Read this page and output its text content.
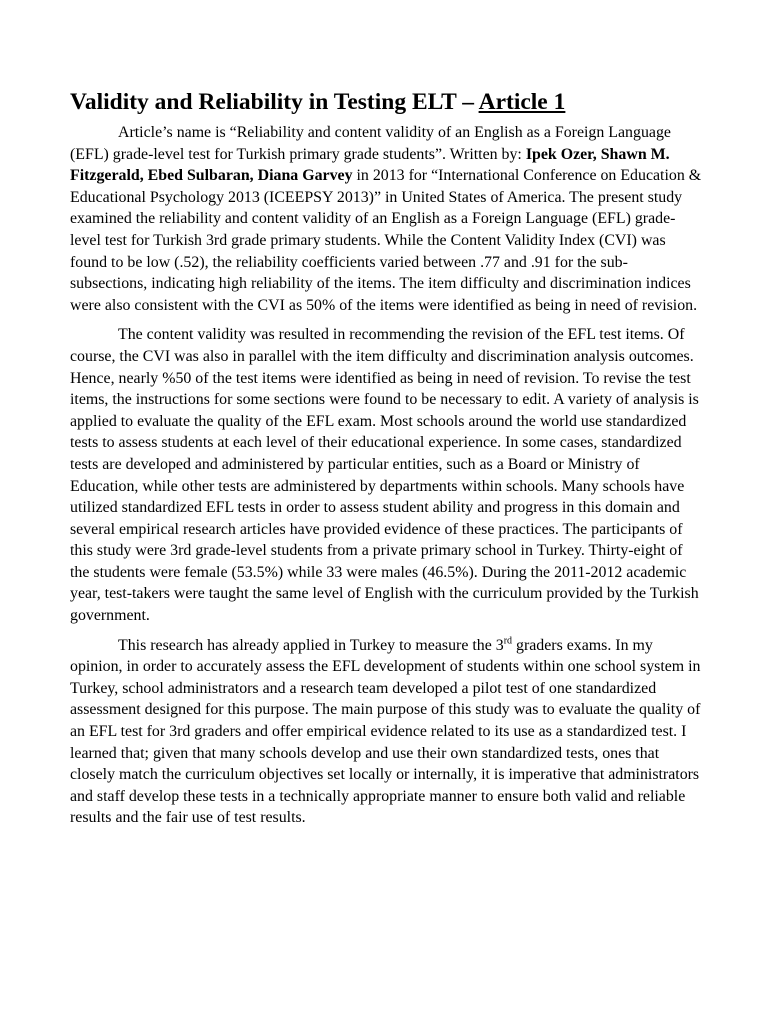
Validity and Reliability in Testing ELT – Article 1

Article’s name is “Reliability and content validity of an English as a Foreign Language (EFL) grade-level test for Turkish primary grade students”. Written by: Ipek Ozer, Shawn M. Fitzgerald, Ebed Sulbaran, Diana Garvey in 2013 for “International Conference on Education & Educational Psychology 2013 (ICEEPSY 2013)” in United States of America. The present study examined the reliability and content validity of an English as a Foreign Language (EFL) grade-level test for Turkish 3rd grade primary students. While the Content Validity Index (CVI) was found to be low (.52), the reliability coefficients varied between .77 and .91 for the sub-subsections, indicating high reliability of the items. The item difficulty and discrimination indices were also consistent with the CVI as 50% of the items were identified as being in need of revision.

The content validity was resulted in recommending the revision of the EFL test items. Of course, the CVI was also in parallel with the item difficulty and discrimination analysis outcomes. Hence, nearly %50 of the test items were identified as being in need of revision. To revise the test items, the instructions for some sections were found to be necessary to edit. A variety of analysis is applied to evaluate the quality of the EFL exam. Most schools around the world use standardized tests to assess students at each level of their educational experience. In some cases, standardized tests are developed and administered by particular entities, such as a Board or Ministry of Education, while other tests are administered by departments within schools. Many schools have utilized standardized EFL tests in order to assess student ability and progress in this domain and several empirical research articles have provided evidence of these practices. The participants of this study were 3rd grade-level students from a private primary school in Turkey. Thirty-eight of the students were female (53.5%) while 33 were males (46.5%). During the 2011-2012 academic year, test-takers were taught the same level of English with the curriculum provided by the Turkish government.

This research has already applied in Turkey to measure the 3rd graders exams. In my opinion, in order to accurately assess the EFL development of students within one school system in Turkey, school administrators and a research team developed a pilot test of one standardized assessment designed for this purpose. The main purpose of this study was to evaluate the quality of an EFL test for 3rd graders and offer empirical evidence related to its use as a standardized test. I learned that; given that many schools develop and use their own standardized tests, ones that closely match the curriculum objectives set locally or internally, it is imperative that administrators and staff develop these tests in a technically appropriate manner to ensure both valid and reliable results and the fair use of test results.
